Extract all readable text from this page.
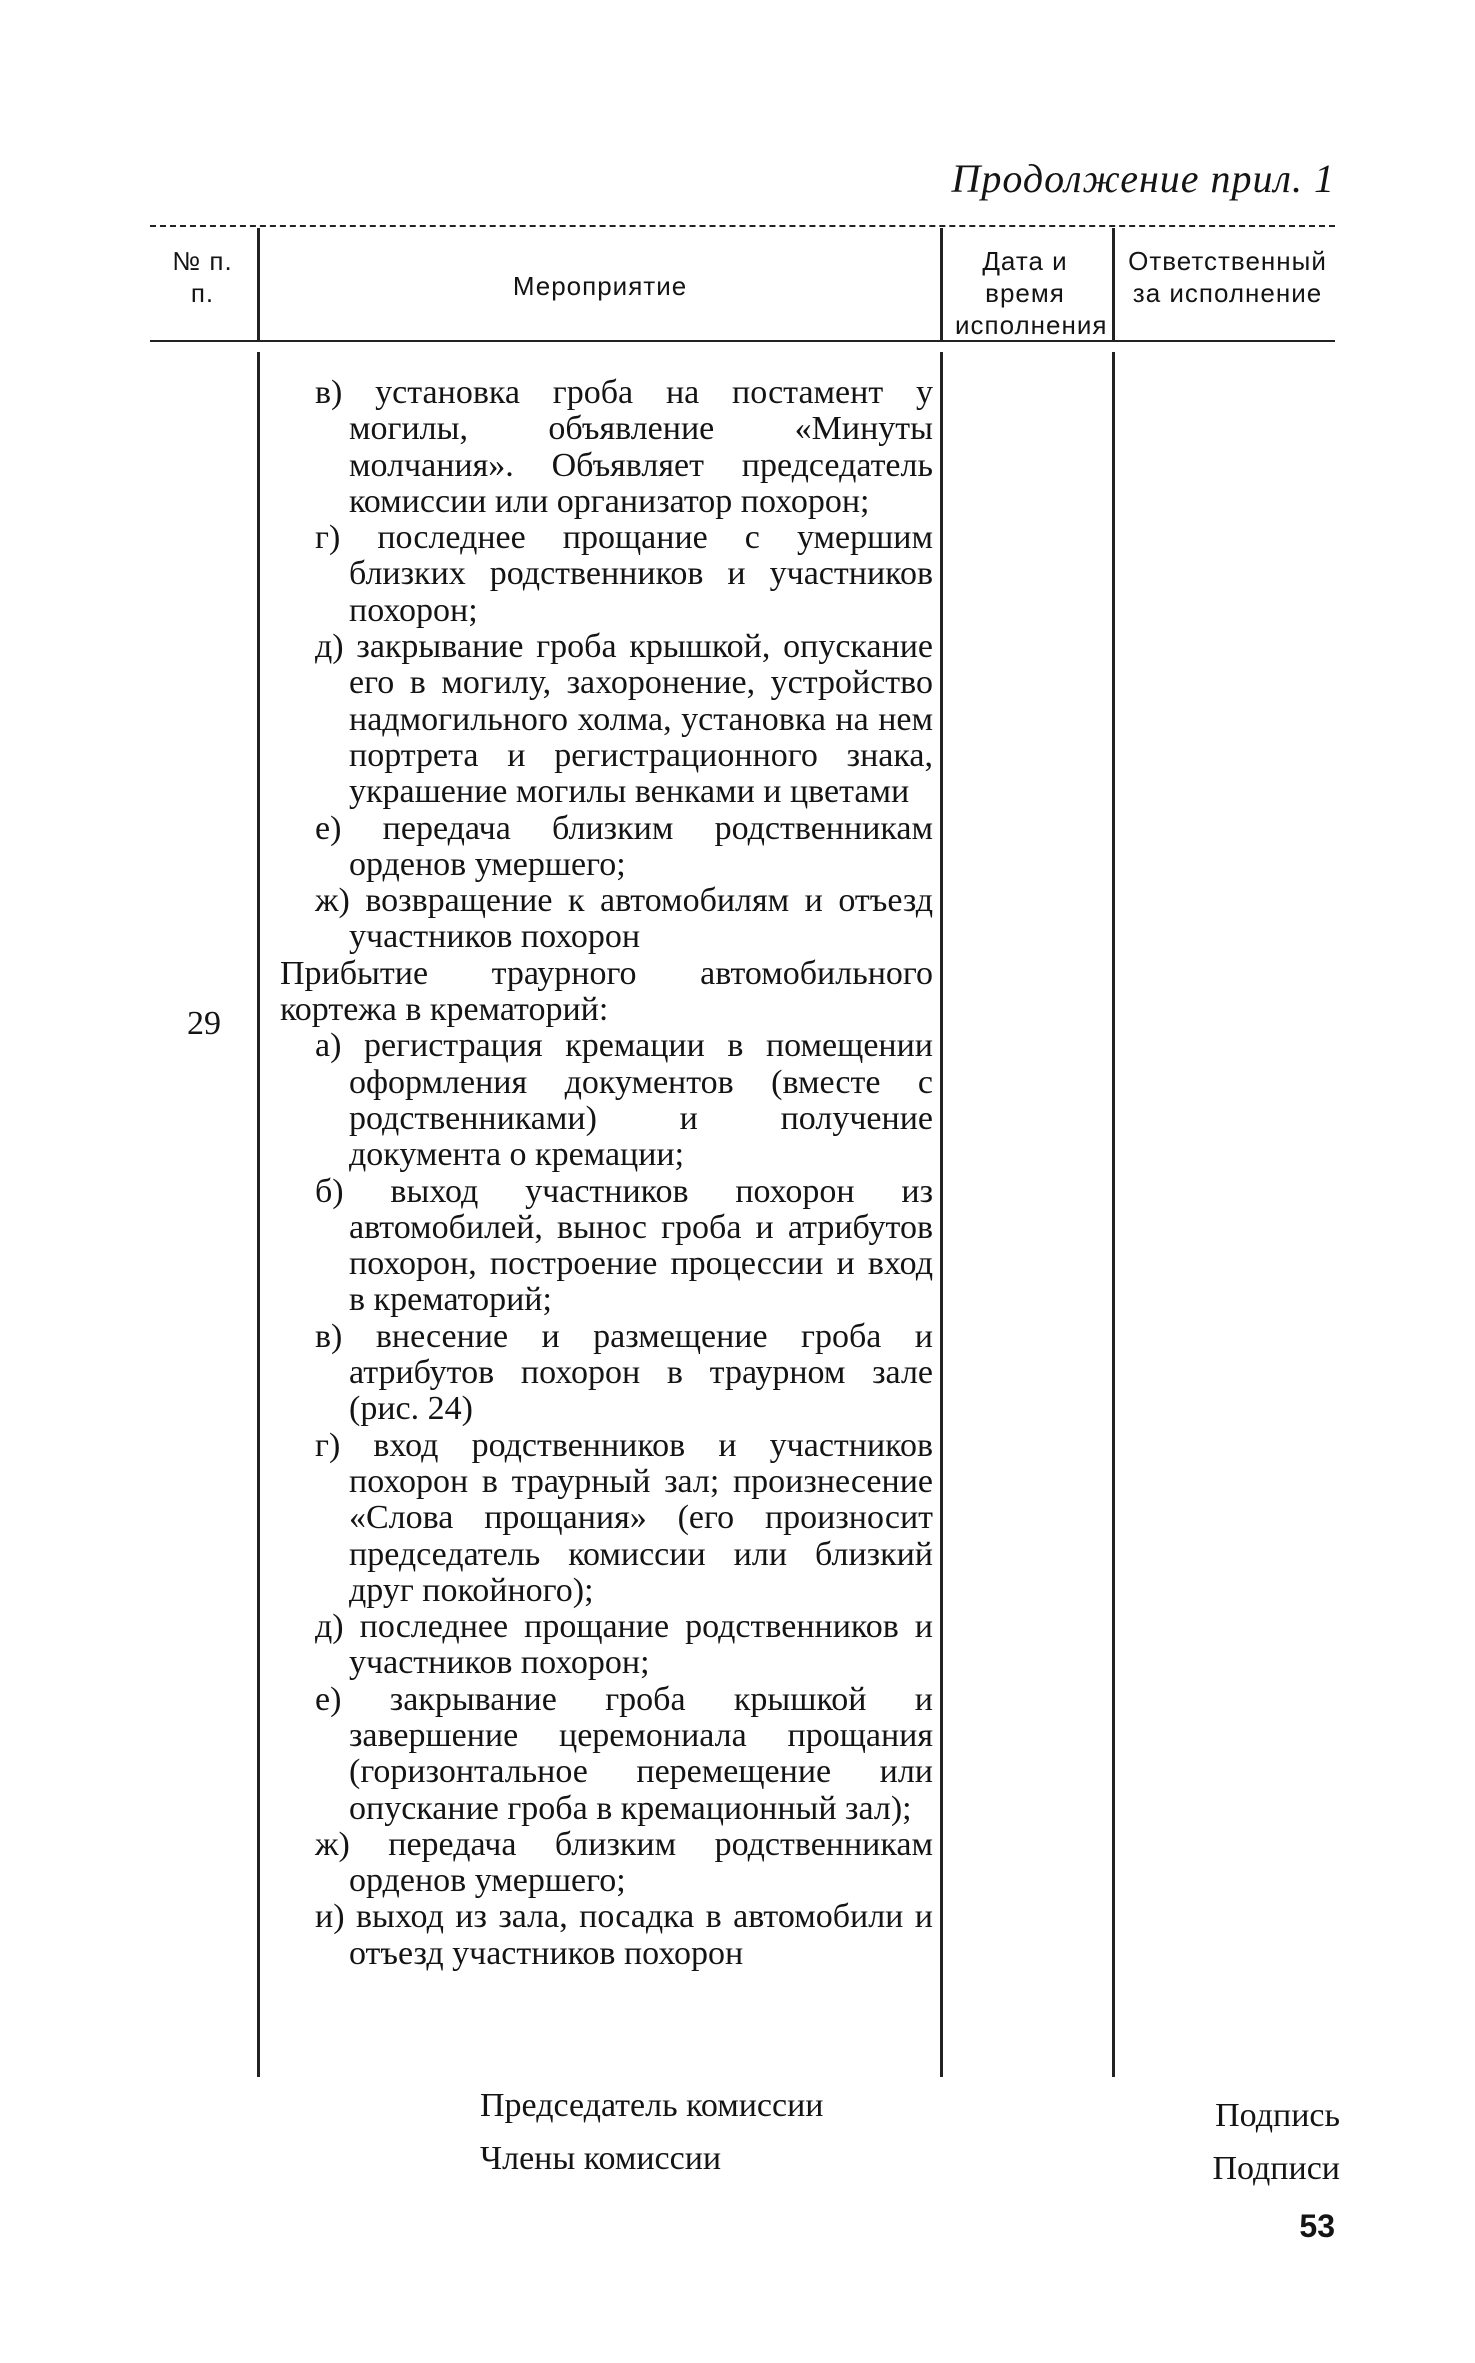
Продолжение прил. 1
№ п. п.	Мероприятие
Дата и время исполнения
Ответственный за исполнение
29

в) установка гроба на постамент у могилы, объявление «Минуты молчания». Объявляет председатель комиссии или организатор похорон;

г) последнее прощание с умершим близких родственников и участников похорон;

д) закрывание гроба крышкой, опускание его в могилу, захоронение, устройство надмогильного холма, установка на нем портрета и регистрационного знака, украшение могилы венками и цветами

е) передача близким родственникам орденов умершего;

ж) возвращение к автомобилям и отъезд участников похорон

Прибытие траурного автомобильного кортежа в крематорий:

а) регистрация кремации в помещении оформления документов (вместе с родственниками) и получение документа о кремации;

б) выход участников похорон из автомобилей, вынос гроба и атрибутов похорон, построение процессии и вход в крематорий;

в) внесение и размещение гроба и атрибутов похорон в траурном зале (рис. 24)

г) вход родственников и участников похорон в траурный зал; произнесение «Слова прощания» (его произносит председатель комиссии или близкий друг покойного);

д) последнее прощание родственников и участников похорон;

е) закрывание гроба крышкой и завершение церемониала прощания (горизонтальное перемещение или опускание гроба в кремационный зал);

ж) передача близким родственникам орденов умершего;

и) выход из зала, посадка в автомобили и отъезд участников похорон

Председатель комиссии
Члены комиссии
Подпись
Подписи
53
